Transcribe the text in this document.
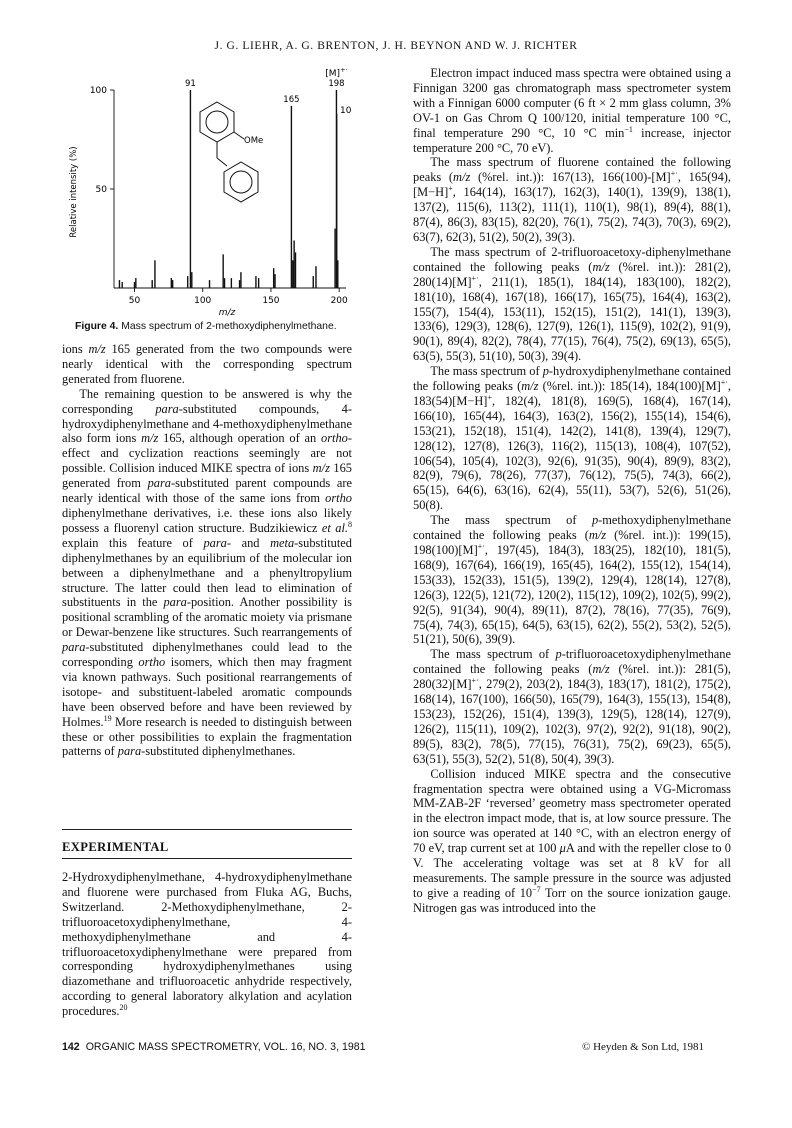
J. G. LIEHR, A. G. BRENTON, J. H. BEYNON AND W. J. RICHTER
Relative intensity (%) 50
100
50	100	150	200
91
165
198
[M]+·
10
OMe
m/z
Figure 4. Mass spectrum of 2-methoxydiphenylmethane.

ions m/z 165 generated from the two compounds were nearly identical with the corresponding spectrum generated from fluorene.

The remaining question to be answered is why the corresponding para-substituted compounds, 4-hydroxydiphenylmethane and 4-methoxydiphenylmethane also form ions m/z 165, although operation of an ortho-effect and cyclization reactions seemingly are not possible. Collision induced MIKE spectra of ions m/z 165 generated from para-substituted parent compounds are nearly identical with those of the same ions from ortho diphenylmethane derivatives, i.e. these ions also likely possess a fluorenyl cation structure. Budzikiewicz et al.$^8$ explain this feature of para- and meta-substituted diphenylmethanes by an equilibrium of the molecular ion between a diphenylmethane and a phenyltropylium structure. The latter could then lead to elimination of substituents in the para-position. Another possibility is positional scrambling of the aromatic moiety via prismane or Dewar-benzene like structures. Such rearrangements of para-substituted diphenylmethanes could lead to the corresponding ortho isomers, which then may fragment via known pathways. Such positional rearrangements of isotope- and substituent-labeled aromatic compounds have been observed before and have been reviewed by Holmes.$^{19}$ More research is needed to distinguish between these or other possibilities to explain the fragmentation patterns of para-substituted diphenylmethanes.

EXPERIMENTAL

2-Hydroxydiphenylmethane, 4-hydroxydiphenylmethane and fluorene were purchased from Fluka AG, Buchs, Switzerland. 2-Methoxydiphenylmethane, 2-trifluoroacetoxydiphenylmethane, 4-methoxydiphenylmethane and 4-trifluoroacetoxydiphenylmethane were prepared from corresponding hydroxydiphenylmethanes using diazomethane and trifluoroacetic anhydride respectively, according to general laboratory alkylation and acylation procedures.$^{20}$

Electron impact induced mass spectra were obtained using a Finnigan 3200 gas chromatograph mass spectrometer system with a Finnigan 6000 computer (6 ft × 2 mm glass column, 3% OV-1 on Gas Chrom Q 100/120, initial temperature 100 °C, final temperature 290 °C, 10 °C $\min^{-1}$ increase, injector temperature 200 °C, 70 eV).

The mass spectrum of fluorene contained the following peaks (m/z (%rel. int.)): 167(13), 166(100)-[M]+·, 165(94), [M−H]+, 164(14), 163(17), 162(3), 140(1), 139(9), 138(1), 137(2), 115(6), 113(2), 111(1), 110(1), 98(1), 89(4), 88(1), 87(4), 86(3), 83(15), 82(20), 76(1), 75(2), 74(3), 70(3), 69(2), 63(7), 62(3), 51(2), 50(2), 39(3).

The mass spectrum of 2-trifluoroacetoxy-diphenylmethane contained the following peaks (m/z (%rel. int.)): 281(2), 280(14)[M]+·, 211(1), 185(1), 184(14), 183(100), 182(2), 181(10), 168(4), 167(18), 166(17), 165(75), 164(4), 163(2), 155(7), 154(4), 153(11), 152(15), 151(2), 141(1), 139(3), 133(6), 129(3), 128(6), 127(9), 126(1), 115(9), 102(2), 91(9), 90(1), 89(4), 82(2), 78(4), 77(15), 76(4), 75(2), 69(13), 65(5), 63(5), 55(3), 51(10), 50(3), 39(4).

The mass spectrum of p-hydroxydiphenylmethane contained the following peaks (m/z (%rel. int.)): 185(14), 184(100)[M]+·, 183(54)[M−H]+, 182(4), 181(8), 169(5), 168(4), 167(14), 166(10), 165(44), 164(3), 163(2), 156(2), 155(14), 154(6), 153(21), 152(18), 151(4), 142(2), 141(8), 139(4), 129(7), 128(12), 127(8), 126(3), 116(2), 115(13), 108(4), 107(52), 106(54), 105(4), 102(3), 92(6), 91(35), 90(4), 89(9), 83(2), 82(9), 79(6), 78(26), 77(37), 76(12), 75(5), 74(3), 66(2), 65(15), 64(6), 63(16), 62(4), 55(11), 53(7), 52(6), 51(26), 50(8).

The mass spectrum of p-methoxydiphenylmethane contained the following peaks (m/z (%rel. int.)): 199(15), 198(100)[M]+·, 197(45), 184(3), 183(25), 182(10), 181(5), 168(9), 167(64), 166(19), 165(45), 164(2), 155(12), 154(14), 153(33), 152(33), 151(5), 139(2), 129(4), 128(14), 127(8), 126(3), 122(5), 121(72), 120(2), 115(12), 109(2), 102(5), 99(2), 92(5), 91(34), 90(4), 89(11), 87(2), 78(16), 77(35), 76(9), 75(4), 74(3), 65(15), 64(5), 63(15), 62(2), 55(2), 53(2), 52(5), 51(21), 50(6), 39(9).

The mass spectrum of p-trifluoroacetoxydiphenylmethane contained the following peaks (m/z (%rel. int.)): 281(5), 280(32)[M]+·, 279(2), 203(2), 184(3), 183(17), 181(2), 175(2), 168(14), 167(100), 166(50), 165(79), 164(3), 155(13), 154(8), 153(23), 152(26), 151(4), 139(3), 129(5), 128(14), 127(9), 126(2), 115(11), 109(2), 102(3), 97(2), 92(2), 91(18), 90(2), 89(5), 83(2), 78(5), 77(15), 76(31), 75(2), 69(23), 65(5), 63(51), 55(3), 52(2), 51(8), 50(4), 39(3).

Collision induced MIKE spectra and the consecutive fragmentation spectra were obtained using a VG-Micromass MM-ZAB-2F ‘reversed’ geometry mass spectrometer operated in the electron impact mode, that is, at low source pressure. The ion source was operated at 140 °C, with an electron energy of 70 eV, trap current set at 100 μA and with the repeller close to 0 V. The accelerating voltage was set at 8 kV for all measurements. The sample pressure in the source was adjusted to give a reading of $10^{-7}$ Torr on the source ionization gauge. Nitrogen gas was introduced into the

142 ORGANIC MASS SPECTROMETRY, VOL. 16, NO. 3, 1981	© Heyden & Son Ltd, 1981
